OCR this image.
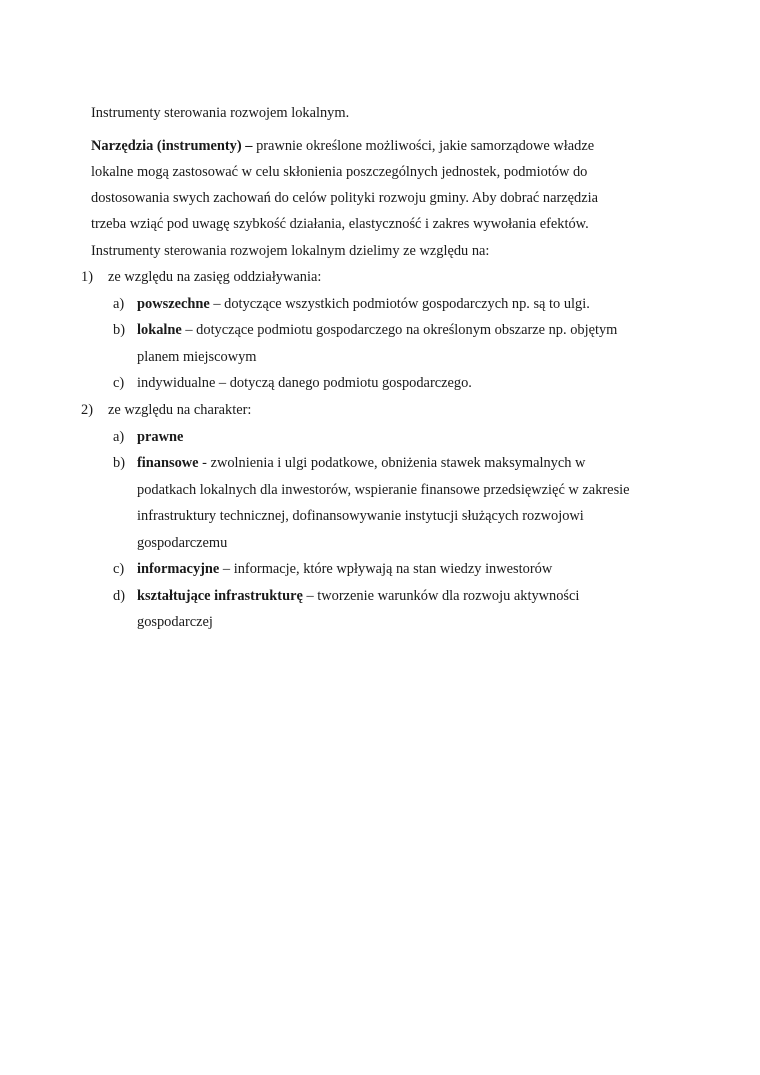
Instrumenty sterowania rozwojem lokalnym.
Narzędzia (instrumenty) – prawnie określone możliwości, jakie samorządowe władze
lokalne mogą zastosować w celu skłonienia poszczególnych jednostek, podmiotów do
dostosowania swych zachowań do celów polityki rozwoju gminy. Aby dobrać narzędzia
trzeba wziąć pod uwagę szybkość działania, elastyczność i zakres wywołania efektów.
Instrumenty sterowania rozwojem lokalnym dzielimy ze względu na:
1) ze względu na zasięg oddziaływania:
a) powszechne – dotyczące wszystkich podmiotów gospodarczych np. są to ulgi.
b) lokalne – dotyczące podmiotu gospodarczego na określonym obszarze np. objętym
planem miejscowym
c) indywidualne – dotyczą danego podmiotu gospodarczego.
2) ze względu na charakter:
a) prawne
b) finansowe - zwolnienia i ulgi podatkowe, obniżenia stawek maksymalnych w
podatkach lokalnych dla inwestorów, wspieranie finansowe przedsięwzięć w zakresie
infrastruktury technicznej, dofinansowywanie instytucji służących rozwojowi
gospodarczemu
c) informacyjne – informacje, które wpływają na stan wiedzy inwestorów
d) kształtujące infrastrukturę – tworzenie warunków dla rozwoju aktywności
gospodarczej
